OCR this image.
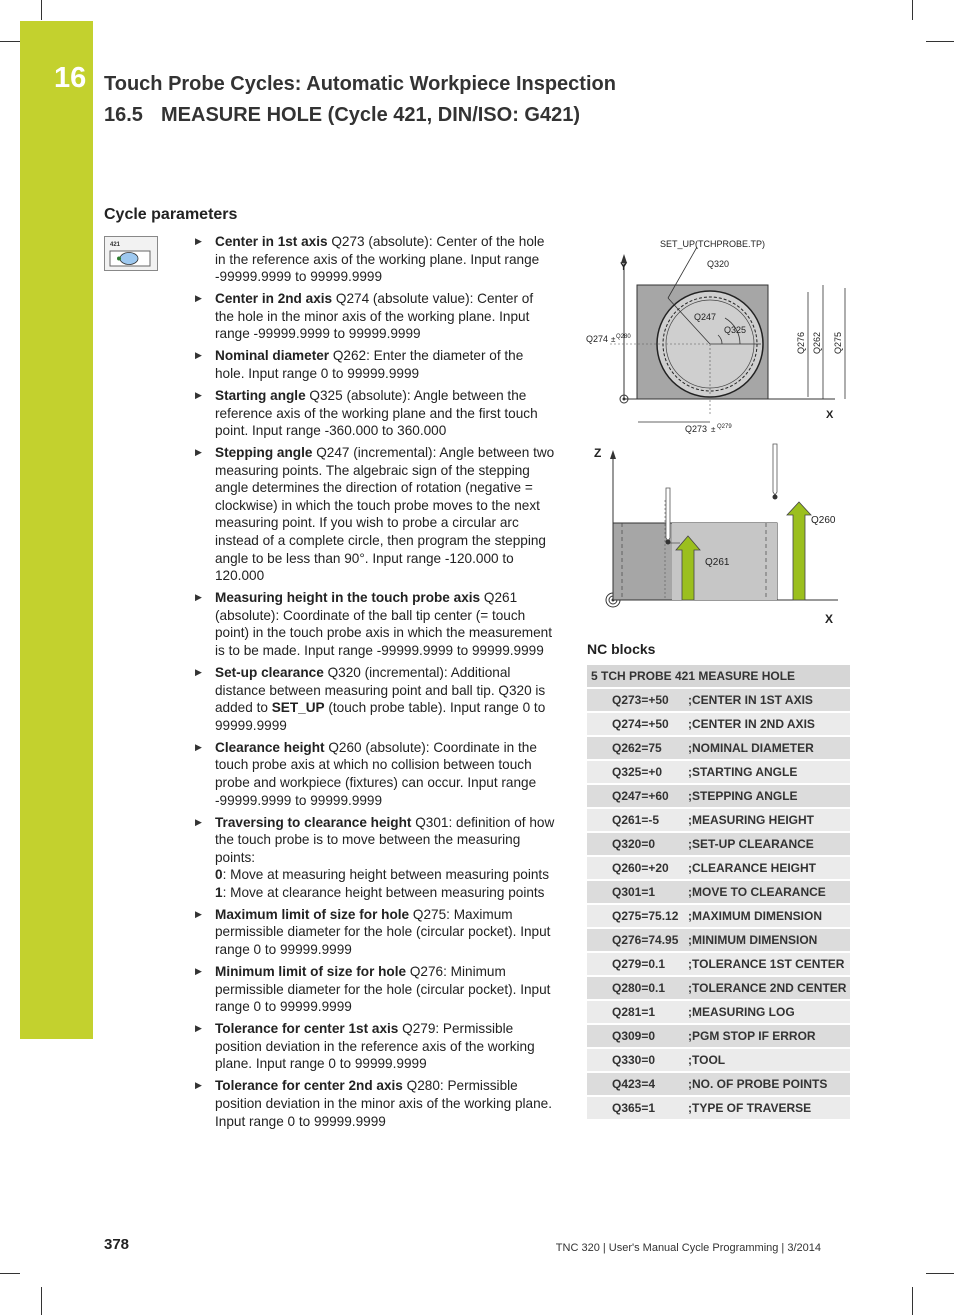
16 Touch Probe Cycles: Automatic Workpiece Inspection
16.5 MEASURE HOLE (Cycle 421, DIN/ISO: G421)
Cycle parameters
421	▶ Center in 1st axis Q273 (absolute): Center of the hole in the reference axis of the working plane. Input range -99999.9999 to 99999.9999
▶ Center in 2nd axis Q274 (absolute value): Center of the hole in the minor axis of the working plane. Input range -99999.9999 to 99999.9999
▶ Nominal diameter Q262: Enter the diameter of the hole. Input range 0 to 99999.9999
▶ Starting angle Q325 (absolute): Angle between the reference axis of the working plane and the first touch point. Input range -360.000 to 360.000
▶ Stepping angle Q247 (incremental): Angle between two measuring points. The algebraic sign of the stepping angle determines the direction of rotation (negative = clockwise) in which the touch probe moves to the next measuring point. If you wish to probe a circular arc instead of a complete circle, then program the stepping angle to be less than 90°. Input range -120.000 to 120.000
▶ Measuring height in the touch probe axis Q261 (absolute): Coordinate of the ball tip center (= touch point) in the touch probe axis in which the measurement is to be made. Input range -99999.9999 to 99999.9999
▶ Set-up clearance Q320 (incremental): Additional distance between measuring point and ball tip. Q320 is added to SET_UP (touch probe table). Input range 0 to 99999.9999
▶ Clearance height Q260 (absolute): Coordinate in the touch probe axis at which no collision between touch probe and workpiece (fixtures) can occur. Input range -99999.9999 to 99999.9999
▶ Traversing to clearance height Q301: definition of how the touch probe is to move between the measuring points:
0: Move at measuring height between measuring points
1: Move at clearance height between measuring points
▶ Maximum limit of size for hole Q275: Maximum permissible diameter for the hole (circular pocket). Input range 0 to 99999.9999
▶ Minimum limit of size for hole Q276: Minimum permissible diameter for the hole (circular pocket). Input range 0 to 99999.9999
▶ Tolerance for center 1st axis Q279: Permissible position deviation in the reference axis of the working plane. Input range 0 to 99999.9999
▶ Tolerance for center 2nd axis Q280: Permissible position deviation in the minor axis of the working plane. Input range 0 to 99999.9999
SET_UP(TCHPROBE.TP)
Q320
Y
Q247
Q325
Q274 ± Q280
X
Q273 ± Q279
Q276 Q262 Q275
Z
X
Q261
Q260
NC blocks
5 TCH PROBE 421 MEASURE HOLE	
Q273=+50	;CENTER IN 1ST AXIS
Q274=+50	;CENTER IN 2ND AXIS
Q262=75	;NOMINAL DIAMETER
Q325=+0	;STARTING ANGLE
Q247=+60	;STEPPING ANGLE
Q261=-5	;MEASURING HEIGHT
Q320=0	;SET-UP CLEARANCE
Q260=+20	;CLEARANCE HEIGHT
Q301=1	;MOVE TO CLEARANCE
Q275=75.12	;MAXIMUM DIMENSION
Q276=74.95	;MINIMUM DIMENSION
Q279=0.1	;TOLERANCE 1ST CENTER
Q280=0.1	;TOLERANCE 2ND CENTER
Q281=1	;MEASURING LOG
Q309=0	;PGM STOP IF ERROR
Q330=0	;TOOL
Q423=4	;NO. OF PROBE POINTS
Q365=1	;TYPE OF TRAVERSE
378	TNC 320 | User's Manual Cycle Programming | 3/2014
